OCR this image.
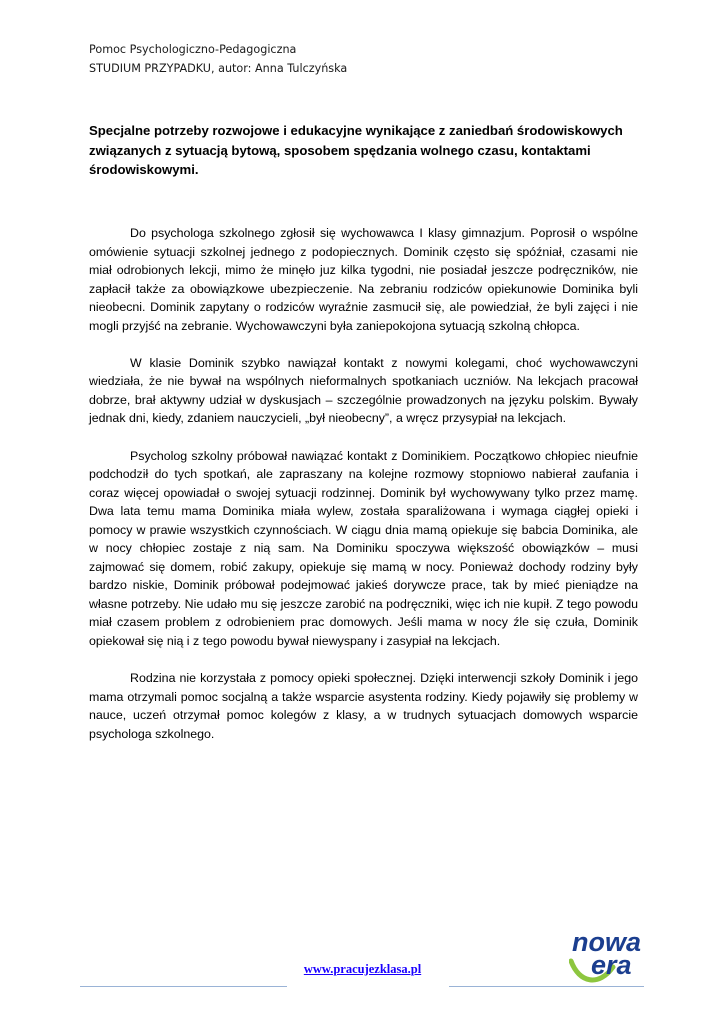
Pomoc Psychologiczno-Pedagogiczna
STUDIUM PRZYPADKU, autor: Anna Tulczyńska
Specjalne potrzeby rozwojowe i edukacyjne wynikające z zaniedbań środowiskowych związanych z sytuacją bytową, sposobem spędzania wolnego czasu, kontaktami środowiskowymi.

Do psychologa szkolnego zgłosił się wychowawca I klasy gimnazjum. Poprosił o wspólne omówienie sytuacji szkolnej jednego z podopiecznych. Dominik często się spóźniał, czasami nie miał odrobionych lekcji, mimo że minęło juz kilka tygodni, nie posiadał jeszcze podręczników, nie zapłacił także za obowiązkowe ubezpieczenie. Na zebraniu rodziców opiekunowie Dominika byli nieobecni. Dominik zapytany o rodziców wyraźnie zasmucił się, ale powiedział, że byli zajęci i nie mogli przyjść na zebranie. Wychowawczyni była zaniepokojona sytuacją szkolną chłopca.

W klasie Dominik szybko nawiązał kontakt z nowymi kolegami, choć wychowawczyni wiedziała, że nie bywał na wspólnych nieformalnych spotkaniach uczniów. Na lekcjach pracował dobrze, brał aktywny udział w dyskusjach – szczególnie prowadzonych na języku polskim. Bywały jednak dni, kiedy, zdaniem nauczycieli, „był nieobecny”, a wręcz przysypiał na lekcjach.

Psycholog szkolny próbował nawiązać kontakt z Dominikiem. Początkowo chłopiec nieufnie podchodził do tych spotkań, ale zapraszany na kolejne rozmowy stopniowo nabierał zaufania i coraz więcej opowiadał o swojej sytuacji rodzinnej. Dominik był wychowywany tylko przez mamę. Dwa lata temu mama Dominika miała wylew, została sparaliżowana i wymaga ciągłej opieki i pomocy w prawie wszystkich czynnościach. W ciągu dnia mamą opiekuje się babcia Dominika, ale w nocy chłopiec zostaje z nią sam. Na Dominiku spoczywa większość obowiązków – musi zajmować się domem, robić zakupy, opiekuje się mamą w nocy. Ponieważ dochody rodziny były bardzo niskie, Dominik próbował podejmować jakieś dorywcze prace, tak by mieć pieniądze na własne potrzeby. Nie udało mu się jeszcze zarobić na podręczniki, więc ich nie kupił. Z tego powodu miał czasem problem z odrobieniem prac domowych. Jeśli mama w nocy źle się czuła, Dominik opiekował się nią i z tego powodu bywał niewyspany i zasypiał na lekcjach.

Rodzina nie korzystała z pomocy opieki społecznej. Dzięki interwencji szkoły Dominik i jego mama otrzymali pomoc socjalną a także wsparcie asystenta rodziny. Kiedy pojawiły się problemy w nauce, uczeń otrzymał pomoc kolegów z klasy, a w trudnych sytuacjach domowych wsparcie psychologa szkolnego.

nowa
era
www.pracujezklasa.pl
